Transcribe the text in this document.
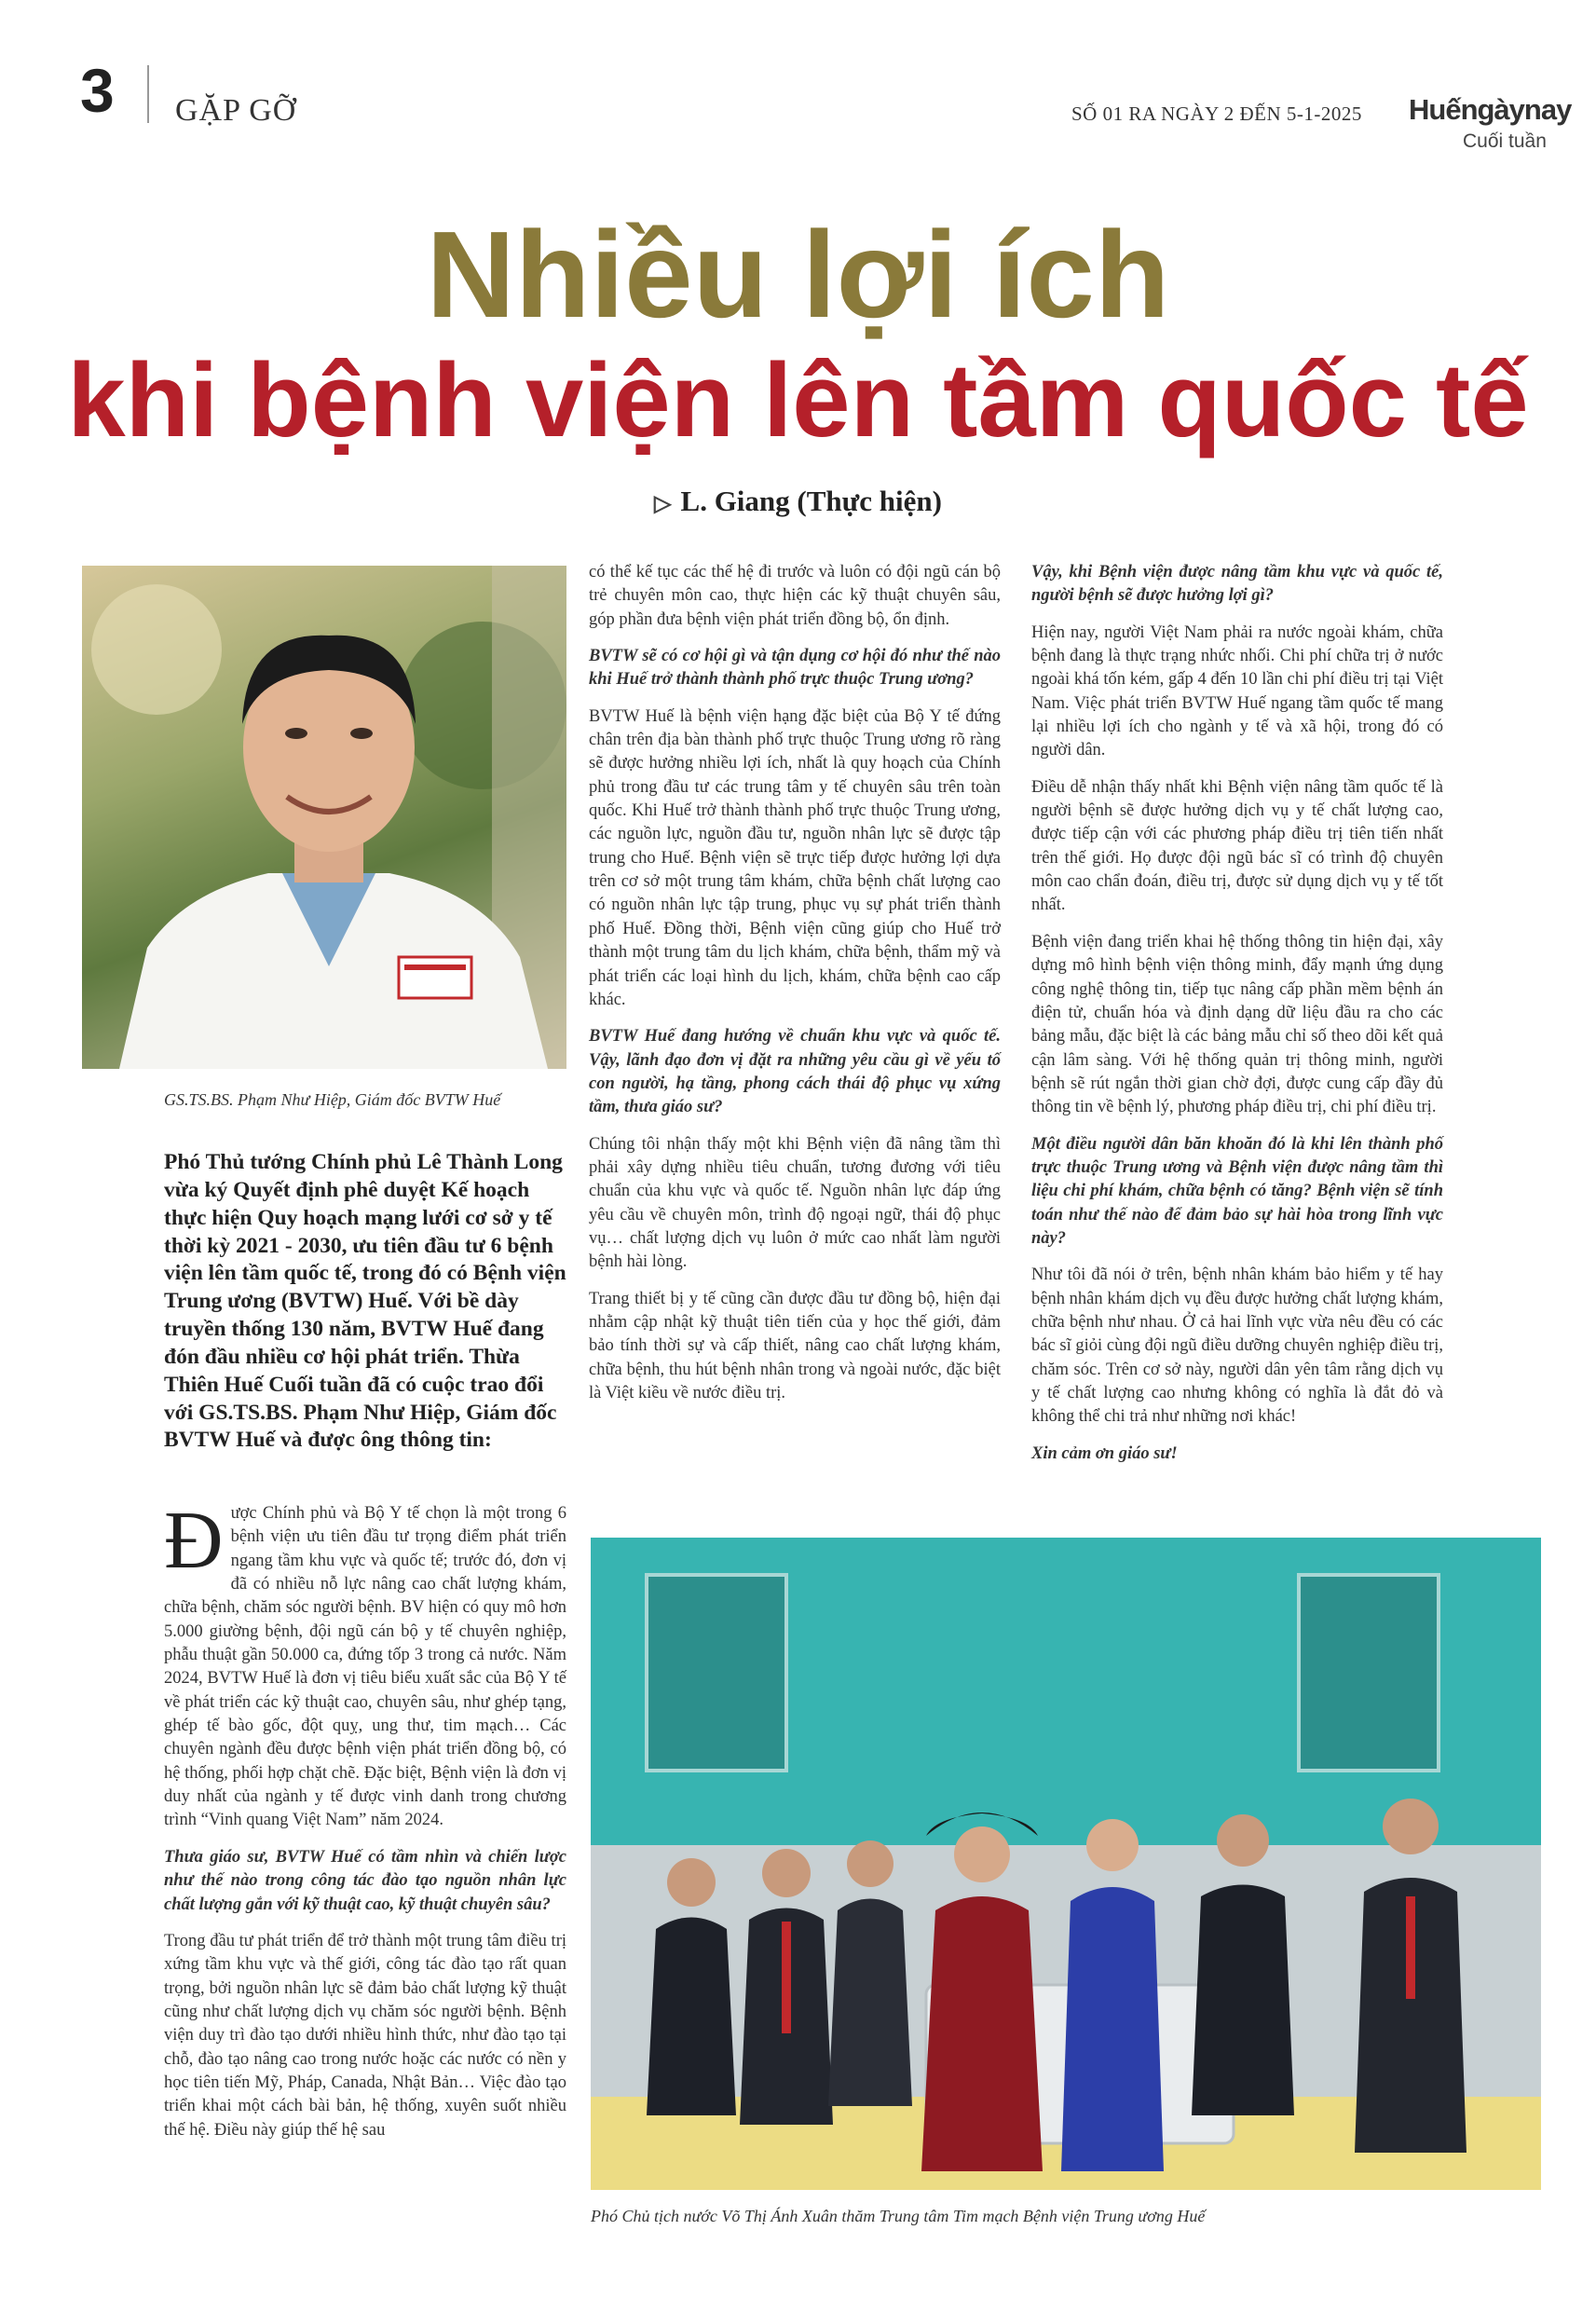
3 GẶP GỠ	SỐ 01 RA NGÀY 2 ĐẾN 5-1-2025 Huếngàynay
Cuối tuần
Nhiều lợi ích
khi bệnh viện lên tầm quốc tế
▷ L. Giang (Thực hiện)
GS.TS.BS. Phạm Như Hiệp, Giám đốc BVTW Huế
Phó Thủ tướng Chính phủ Lê Thành Long vừa ký Quyết định phê duyệt Kế hoạch thực hiện Quy hoạch mạng lưới cơ sở y tế thời kỳ 2021 - 2030, ưu tiên đầu tư 6 bệnh viện lên tầm quốc tế, trong đó có Bệnh viện Trung ương (BVTW) Huế. Với bề dày truyền thống 130 năm, BVTW Huế đang đón đầu nhiều cơ hội phát triển. Thừa Thiên Huế Cuối tuần đã có cuộc trao đổi với GS.TS.BS. Phạm Như Hiệp, Giám đốc BVTW Huế và được ông thông tin:

Được Chính phủ và Bộ Y tế chọn là một trong 6 bệnh viện ưu tiên đầu tư trọng điểm phát triển ngang tầm khu vực và quốc tế; trước đó, đơn vị đã có nhiều nỗ lực nâng cao chất lượng khám, chữa bệnh, chăm sóc người bệnh. BV hiện có quy mô hơn 5.000 giường bệnh, đội ngũ cán bộ y tế chuyên nghiệp, phẫu thuật gần 50.000 ca, đứng tốp 3 trong cả nước. Năm 2024, BVTW Huế là đơn vị tiêu biểu xuất sắc của Bộ Y tế về phát triển các kỹ thuật cao, chuyên sâu, như ghép tạng, ghép tế bào gốc, đột quỵ, ung thư, tim mạch… Các chuyên ngành đều được bệnh viện phát triển đồng bộ, có hệ thống, phối hợp chặt chẽ. Đặc biệt, Bệnh viện là đơn vị duy nhất của ngành y tế được vinh danh trong chương trình “Vinh quang Việt Nam” năm 2024.

Thưa giáo sư, BVTW Huế có tầm nhìn và chiến lược như thế nào trong công tác đào tạo nguồn nhân lực chất lượng gắn với kỹ thuật cao, kỹ thuật chuyên sâu?

Trong đầu tư phát triển để trở thành một trung tâm điều trị xứng tầm khu vực và thế giới, công tác đào tạo rất quan trọng, bởi nguồn nhân lực sẽ đảm bảo chất lượng kỹ thuật cũng như chất lượng dịch vụ chăm sóc người bệnh. Bệnh viện duy trì đào tạo dưới nhiều hình thức, như đào tạo tại chỗ, đào tạo nâng cao trong nước hoặc các nước có nền y học tiên tiến Mỹ, Pháp, Canada, Nhật Bản… Việc đào tạo triển khai một cách bài bản, hệ thống, xuyên suốt nhiều thế hệ. Điều này giúp thế hệ sau

có thể kế tục các thế hệ đi trước và luôn có đội ngũ cán bộ trẻ chuyên môn cao, thực hiện các kỹ thuật chuyên sâu, góp phần đưa bệnh viện phát triển đồng bộ, ổn định.

BVTW sẽ có cơ hội gì và tận dụng cơ hội đó như thế nào khi Huế trở thành thành phố trực thuộc Trung ương?

BVTW Huế là bệnh viện hạng đặc biệt của Bộ Y tế đứng chân trên địa bàn thành phố trực thuộc Trung ương rõ ràng sẽ được hưởng nhiều lợi ích, nhất là quy hoạch của Chính phủ trong đầu tư các trung tâm y tế chuyên sâu trên toàn quốc. Khi Huế trở thành thành phố trực thuộc Trung ương, các nguồn lực, nguồn đầu tư, nguồn nhân lực sẽ được tập trung cho Huế. Bệnh viện sẽ trực tiếp được hưởng lợi dựa trên cơ sở một trung tâm khám, chữa bệnh chất lượng cao có nguồn nhân lực tập trung, phục vụ sự phát triển thành phố Huế. Đồng thời, Bệnh viện cũng giúp cho Huế trở thành một trung tâm du lịch khám, chữa bệnh, thẩm mỹ và phát triển các loại hình du lịch, khám, chữa bệnh cao cấp khác.

BVTW Huế đang hướng về chuẩn khu vực và quốc tế. Vậy, lãnh đạo đơn vị đặt ra những yêu cầu gì về yếu tố con người, hạ tầng, phong cách thái độ phục vụ xứng tầm, thưa giáo sư?

Chúng tôi nhận thấy một khi Bệnh viện đã nâng tầm thì phải xây dựng nhiều tiêu chuẩn, tương đương với tiêu chuẩn của khu vực và quốc tế. Nguồn nhân lực đáp ứng yêu cầu về chuyên môn, trình độ ngoại ngữ, thái độ phục vụ… chất lượng dịch vụ luôn ở mức cao nhất làm người bệnh hài lòng.

Trang thiết bị y tế cũng cần được đầu tư đồng bộ, hiện đại nhằm cập nhật kỹ thuật tiên tiến của y học thế giới, đảm bảo tính thời sự và cấp thiết, nâng cao chất lượng khám, chữa bệnh, thu hút bệnh nhân trong và ngoài nước, đặc biệt là Việt kiều về nước điều trị.

Vậy, khi Bệnh viện được nâng tầm khu vực và quốc tế, người bệnh sẽ được hưởng lợi gì?

Hiện nay, người Việt Nam phải ra nước ngoài khám, chữa bệnh đang là thực trạng nhức nhối. Chi phí chữa trị ở nước ngoài khá tốn kém, gấp 4 đến 10 lần chi phí điều trị tại Việt Nam. Việc phát triển BVTW Huế ngang tầm quốc tế mang lại nhiều lợi ích cho ngành y tế và xã hội, trong đó có người dân.

Điều dễ nhận thấy nhất khi Bệnh viện nâng tầm quốc tế là người bệnh sẽ được hưởng dịch vụ y tế chất lượng cao, được tiếp cận với các phương pháp điều trị tiên tiến nhất trên thế giới. Họ được đội ngũ bác sĩ có trình độ chuyên môn cao chẩn đoán, điều trị, được sử dụng dịch vụ y tế tốt nhất.

Bệnh viện đang triển khai hệ thống thông tin hiện đại, xây dựng mô hình bệnh viện thông minh, đẩy mạnh ứng dụng công nghệ thông tin, tiếp tục nâng cấp phần mềm bệnh án điện tử, chuẩn hóa và định dạng dữ liệu đầu ra cho các bảng mẫu, đặc biệt là các bảng mẫu chỉ số theo dõi kết quả cận lâm sàng. Với hệ thống quản trị thông minh, người bệnh sẽ rút ngắn thời gian chờ đợi, được cung cấp đầy đủ thông tin về bệnh lý, phương pháp điều trị, chi phí điều trị.

Một điều người dân băn khoăn đó là khi lên thành phố trực thuộc Trung ương và Bệnh viện được nâng tầm thì liệu chi phí khám, chữa bệnh có tăng? Bệnh viện sẽ tính toán như thế nào để đảm bảo sự hài hòa trong lĩnh vực này?

Như tôi đã nói ở trên, bệnh nhân khám bảo hiểm y tế hay bệnh nhân khám dịch vụ đều được hưởng chất lượng khám, chữa bệnh như nhau. Ở cả hai lĩnh vực vừa nêu đều có các bác sĩ giỏi cùng đội ngũ điều dưỡng chuyên nghiệp điều trị, chăm sóc. Trên cơ sở này, người dân yên tâm rằng dịch vụ y tế chất lượng cao nhưng không có nghĩa là đắt đỏ và không thể chi trả như những nơi khác!

Xin cảm ơn giáo sư!

Phó Chủ tịch nước Võ Thị Ánh Xuân thăm Trung tâm Tim mạch Bệnh viện Trung ương Huế
